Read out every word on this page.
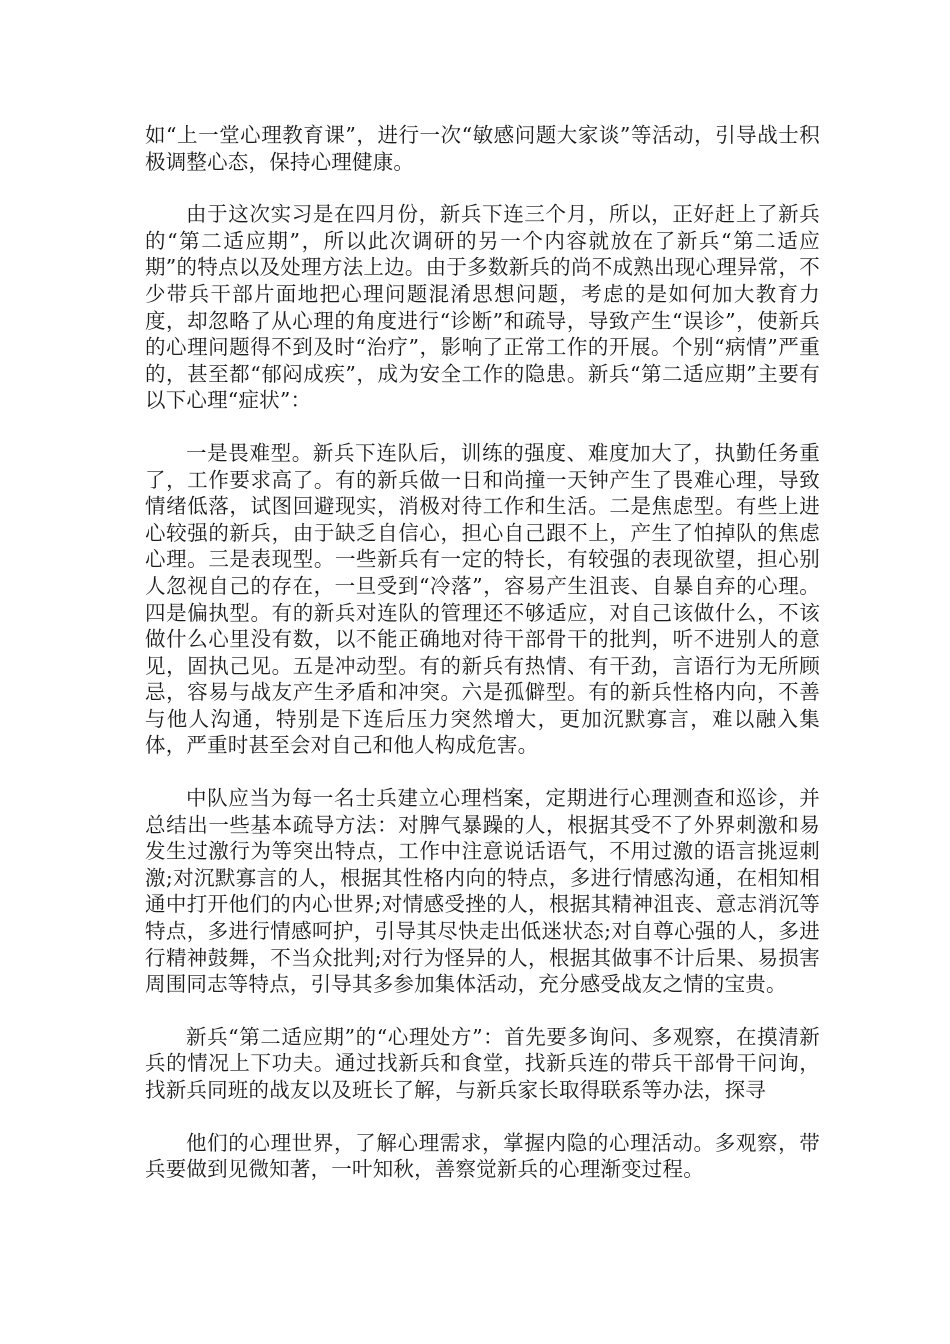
如“上一堂心理教育课”，进行一次“敏感问题大家谈”等活动，引导战士积极调整心态，保持心理健康。

由于这次实习是在四月份，新兵下连三个月，所以，正好赶上了新兵的“第二适应期”，所以此次调研的另一个内容就放在了新兵“第二适应期”的特点以及处理方法上边。由于多数新兵的尚不成熟出现心理异常，不少带兵干部片面地把心理问题混淆思想问题，考虑的是如何加大教育力度，却忽略了从心理的角度进行“诊断”和疏导，导致产生“误诊”，使新兵的心理问题得不到及时“治疗”，影响了正常工作的开展。个别“病情”严重的，甚至都“郁闷成疾”，成为安全工作的隐患。新兵“第二适应期”主要有以下心理“症状”：

一是畏难型。新兵下连队后，训练的强度、难度加大了，执勤任务重了，工作要求高了。有的新兵做一日和尚撞一天钟产生了畏难心理，导致情绪低落，试图回避现实，消极对待工作和生活。二是焦虑型。有些上进心较强的新兵，由于缺乏自信心，担心自己跟不上，产生了怕掉队的焦虑心理。三是表现型。一些新兵有一定的特长，有较强的表现欲望，担心别人忽视自己的存在，一旦受到“冷落”，容易产生沮丧、自暴自弃的心理。四是偏执型。有的新兵对连队的管理还不够适应，对自己该做什么，不该做什么心里没有数，以不能正确地对待干部骨干的批判，听不进别人的意见，固执己见。五是冲动型。有的新兵有热情、有干劲，言语行为无所顾忌，容易与战友产生矛盾和冲突。六是孤僻型。有的新兵性格内向，不善与他人沟通，特别是下连后压力突然增大，更加沉默寡言，难以融入集体，严重时甚至会对自己和他人构成危害。

中队应当为每一名士兵建立心理档案，定期进行心理测查和巡诊，并总结出一些基本疏导方法：对脾气暴躁的人，根据其受不了外界刺激和易发生过激行为等突出特点，工作中注意说话语气，不用过激的语言挑逗刺激;对沉默寡言的人，根据其性格内向的特点，多进行情感沟通，在相知相通中打开他们的内心世界;对情感受挫的人，根据其精神沮丧、意志消沉等特点，多进行情感呵护，引导其尽快走出低迷状态;对自尊心强的人，多进行精神鼓舞，不当众批判;对行为怪异的人，根据其做事不计后果、易损害周围同志等特点，引导其多参加集体活动，充分感受战友之情的宝贵。

新兵“第二适应期”的“心理处方”：首先要多询问、多观察，在摸清新兵的情况上下功夫。通过找新兵和食堂，找新兵连的带兵干部骨干问询，找新兵同班的战友以及班长了解，与新兵家长取得联系等办法，探寻

他们的心理世界，了解心理需求，掌握内隐的心理活动。多观察，带兵要做到见微知著，一叶知秋，善察觉新兵的心理渐变过程。
